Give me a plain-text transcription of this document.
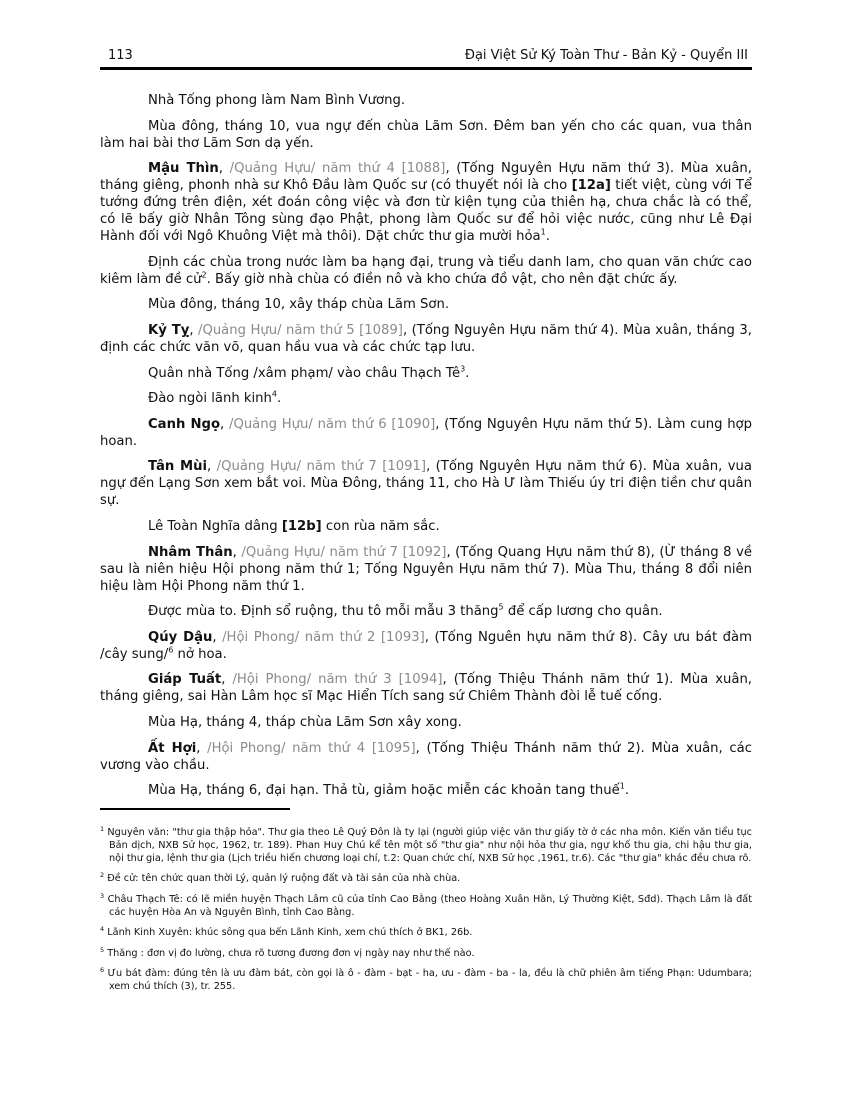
113	Đại Việt Sử Ký Toàn Thư - Bản Kỷ - Quyển III

Nhà Tống phong làm Nam Bình Vương.

Mùa đông, tháng 10, vua ngự đến chùa Lãm Sơn. Đêm ban yến cho các quan, vua thân làm hai bài thơ Lãm Sơn dạ yến.

Mậu Thìn, /Quảng Hựu/ năm thứ 4 [1088], (Tống Nguyên Hựu năm thứ 3). Mùa xuân, tháng giêng, phonh nhà sư Khô Đầu làm Quốc sư (có thuyết nói là cho [12a] tiết việt, cùng với Tể tướng đứng trên điện, xét đoán công việc và đơn từ kiện tụng của thiên hạ, chưa chắc là có thể, có lẽ bấy giờ Nhân Tông sùng đạo Phật, phong làm Quốc sư để hỏi việc nước, cũng như Lê Đại Hành đối với Ngô Khuông Việt mà thôi). Dặt chức thư gia mười hỏa$^1$.

Định các chùa trong nước làm ba hạng đại, trung và tiểu danh lam, cho quan văn chức cao kiêm làm đề cử$^2$. Bấy giờ nhà chùa có điền nô và kho chứa đồ vật, cho nên đặt chức ấy.

Mùa đông, tháng 10, xây tháp chùa Lãm Sơn.

Kỷ Tỵ, /Quảng Hựu/ năm thứ 5 [1089], (Tống Nguyên Hựu năm thứ 4). Mùa xuân, tháng 3, định các chức văn võ, quan hầu vua và các chức tạp lưu.

Quân nhà Tống /xâm phạm/ vào châu Thạch $Tê^3$.

Đào ngòi lãnh kinh$^4$.

Canh Ngọ, /Quảng Hựu/ năm thứ 6 [1090], (Tống Nguyên Hựu năm thứ 5). Làm cung hợp hoan.

Tân Mùi, /Quảng Hựu/ năm thứ 7 [1091], (Tống Nguyên Hựu năm thứ 6). Mùa xuân, vua ngự đến Lạng Sơn xem bắt voi. Mùa Đông, tháng 11, cho Hà Ư làm Thiếu úy tri điện tiền chư quân sự.

Lê Toàn Nghĩa dâng [12b] con rùa năm sắc.

Nhâm Thân, /Quảng Hựu/ năm thứ 7 [1092], (Tống Quang Hựu năm thứ 8), (Ừ tháng 8 về sau là niên hiệu Hội phong năm thứ 1; Tống Nguyên Hựu năm thứ 7). Mùa Thu, tháng 8 đổi niên hiệu làm Hội Phong năm thứ 1.

Được mùa to. Định sổ ruộng, thu tô mỗi mẫu 3 thăng$^5$ để cấp lương cho quân.

Qúy Dậu, /Hội Phong/ năm thứ 2 [1093], (Tống Nguên hựu năm thứ 8). Cây ưu bát đàm /cây sung/$^6$ nở hoa.

Giáp Tuất, /Hội Phong/ năm thứ 3 [1094], (Tống Thiệu Thánh năm thứ 1). Mùa xuân, tháng giêng, sai Hàn Lâm học sĩ Mạc Hiển Tích sang sứ Chiêm Thành đòi lễ tuế cống.

Mùa Hạ, tháng 4, tháp chùa Lãm Sơn xây xong.

Ất Hợi, /Hội Phong/ năm thứ 4 [1095], (Tống Thiệu Thánh năm thứ 2). Mùa xuân, các vương vào chầu.

Mùa Hạ, tháng 6, đại hạn. Thả tù, giảm hoặc miễn các khoản tang thuế$^1$.

$^1$ Nguyên văn: "thư gia thập hỏa". Thư gia theo Lê Quý Đôn là ty lại (người giúp việc văn thư giấy tờ ở các nha môn. Kiến văn tiểu tục Bản dịch, NXB Sử học, 1962, tr. 189). Phan Huy Chú kể tên một số "thư gia" như nội hỏa thư gia, ngự khố thu gia, chi hậu thư gia, nội thư gia, lệnh thư gia (Lịch triều hiến chương loại chí, t.2: Quan chức chí, NXB Sử học ,1961, tr.6). Các "thư gia" khác đều chưa rõ.

$^2$ Đề cử: tên chức quan thời Lý, quản lý ruộng đất và tài sản của nhà chùa.

$^3$ Châu Thạch Tê: có lẽ miền huyện Thạch Lâm cũ của tỉnh Cao Bằng (theo Hoàng Xuân Hãn, Lý Thường Kiệt, Sđd). Thạch Lâm là đất các huyện Hòa An và Nguyên Bình, tỉnh Cao Bằng.

$^4$ Lãnh Kinh Xuyên: khúc sông qua bến Lãnh Kinh, xem chú thích ở BK1, 26b.

$^5$ Thăng : đơn vị đo lường, chưa rõ tương đương đơn vị ngày nay như thế nào.

$^6$ Ưu bát đàm: đúng tên là ưu đàm bát, còn gọi là ô - đàm - bạt - ha, ưu - đàm - ba - la, đều là chữ phiên âm tiếng Phạn: Udumbara; xem chú thích (3), tr. 255.
